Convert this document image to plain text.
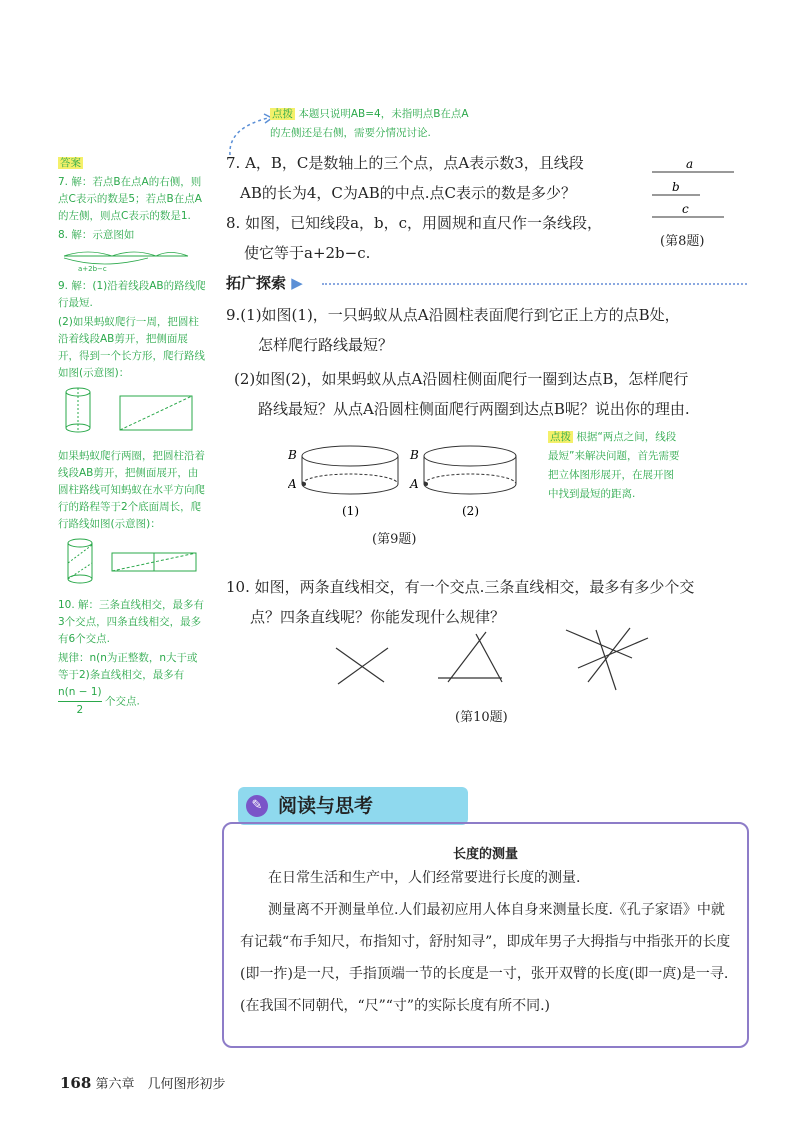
答案

7. 解：若点B在点A的右侧，则点C表示的数是5；若点B在点A的左侧，则点C表示的数是1.

8. 解：示意图如

a+2b−c

9. 解：(1)沿着线段AB的路线爬行最短.

(2)如果蚂蚁爬行一周，把圆柱沿着线段AB剪开，把侧面展开，得到一个长方形，爬行路线如图(示意图)：

如果蚂蚁爬行两圈，把圆柱沿着线段AB剪开，把侧面展开，由圆柱路线可知蚂蚁在水平方向爬行的路程等于2个底面周长，爬行路线如图(示意图)：

10. 解：三条直线相交，最多有3个交点，四条直线相交，最多有6个交点.

规律：n(n为正整数，n大于或等于2)条直线相交，最多有
$\frac{n(n - 1)}{2}$ 个交点.

点拨 本题只说明AB=4，未指明点B在点A
的左侧还是右侧，需要分情况讨论.
7. A，B，C是数轴上的三个点，点A表示数3，且线段
AB的长为4，C为AB的中点.点C表示的数是多少？
8. 如图，已知线段a，b，c，用圆规和直尺作一条线段，
使它等于a+2b−c.
a
b
c
(第8题)
拓广探索 ▶
9.(1)如图(1)，一只蚂蚁从点A沿圆柱表面爬行到它正上方的点B处，
怎样爬行路线最短？
(2)如图(2)，如果蚂蚁从点A沿圆柱侧面爬行一圈到达点B，怎样爬行
路线最短？从点A沿圆柱侧面爬行两圈到达点B呢？说出你的理由.
B
A
(1)
B
A
(2)
(第9题)
点拨 根据“两点之间，线段最短”来解决问题，首先需要把立体图形展开，在展开图中找到最短的距离.
10. 如图，两条直线相交，有一个交点.三条直线相交，最多有多少个交
点？四条直线呢？你能发现什么规律？
(第10题)
✎ 阅读与思考
长度的测量
在日常生活和生产中，人们经常要进行长度的测量.
测量离不开测量单位.人们最初应用人体自身来测量长度.《孔子家语》中就有记载“布手知尺，布指知寸，舒肘知寻”，即成年男子大拇指与中指张开的长度(即一拃)是一尺，手指顶端一节的长度是一寸，张开双臂的长度(即一庹)是一寻.(在我国不同朝代，“尺”“寸”的实际长度有所不同.)
168 第六章　几何图形初步
